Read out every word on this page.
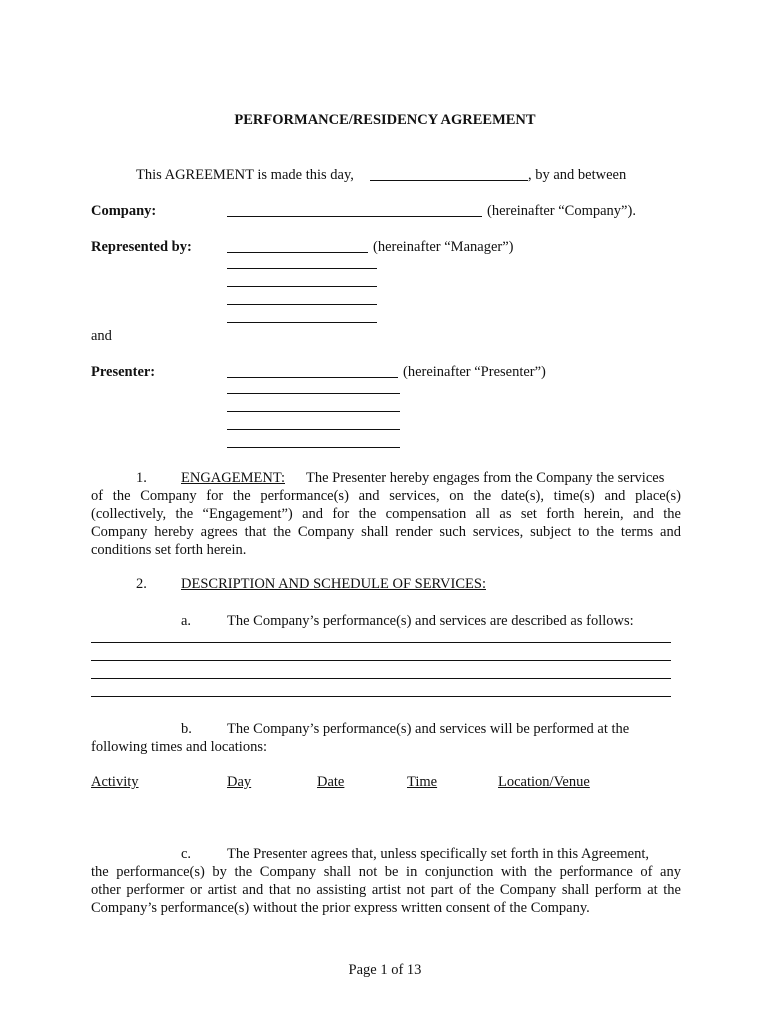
PERFORMANCE/RESIDENCY AGREEMENT
This AGREEMENT is made this day,	, by and between
Company:	(hereinafter “Company”).
Represented by:	(hereinafter “Manager”)
and
Presenter:	(hereinafter “Presenter”)
1. ENGAGEMENT: The Presenter hereby engages from the Company the services
of the Company for the performance(s) and services, on the date(s), time(s) and place(s)
(collectively, the “Engagement”) and for the compensation all as set forth herein, and the
Company hereby agrees that the Company shall render such services, subject to the terms and
conditions set forth herein.
2. DESCRIPTION AND SCHEDULE OF SERVICES:
a. The Company’s performance(s) and services are described as follows:
b. The Company’s performance(s) and services will be performed at the
following times and locations:
Activity	Day	Date	Time	Location/Venue
c. The Presenter agrees that, unless specifically set forth in this Agreement,
the performance(s) by the Company shall not be in conjunction with the performance of any
other performer or artist and that no assisting artist not part of the Company shall perform at the
Company’s performance(s) without the prior express written consent of the Company.
Page 1 of 13
